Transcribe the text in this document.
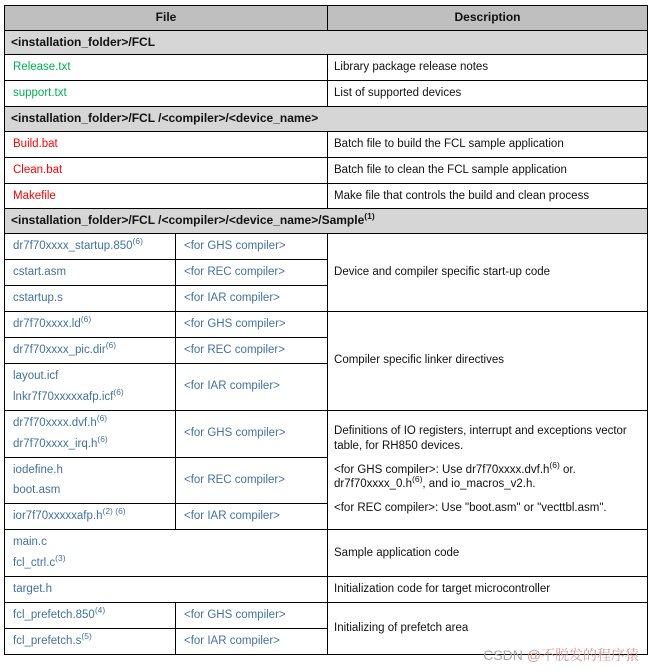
File		Description
<installation_folder>/FCL		

Release.txt		Library package release notes

support.txt		List of supported devices

<installation_folder>/FCL /<compiler>/<device_name>		

Build.bat		Batch file to build the FCL sample application

Clean.bat		Batch file to clean the FCL sample application

Makefile		Make file that controls the build and clean process

<installation_folder>/FCL /<compiler>/<device_name>/Sample$^{(1)}$

$dr7f70xxxx\_startup.850^{(6)}$	<for GHS compiler>	Device and compiler specific start-up code

cstart.asm	<for REC compiler>	

cstartup.s	<for IAR compiler>	

$dr7f70xxxx.ld^{(6)}$	<for GHS compiler>	Compiler specific linker directives

dr7f70xxxx_pic.dir$^{(6)}$	<for REC compiler>	

layout.icf
lnkr7f70xxxxxafp.icf$^{(6)}$	<for IAR compiler>	

$dr7f70xxxx.dvf.h^{(6)}$
$dr7f70xxxx\_irq.h^{(6)}$	<for GHS compiler>	Definitions of IO registers, interrupt and exceptions vector table, for RH850 devices.
<for GHS compiler>: Use $dr7f70xxxx.dvf.h^{(6)}$ or. $dr7f70xxxx\_0.h^{(6)}$, and io_macros_v2.h.
<for REC compiler>: Use "boot.asm" or "vecttbl.asm".

iodefine.h
boot.asm	<for REC compiler>	

$ior7f70xxxxxafp.h^{(2) (6)}$	<for IAR compiler>	

main.c
$fcl\_ctrl.c^{(3)}$		Sample application code

target.h		Initialization code for target microcontroller

$fcl\_prefetch.850^{(4)}$	<for GHS compiler>	Initializing of prefetch area

$fcl\_prefetch.s^{(5)}$	<for IAR compiler>	
CSDN @不脱发的程序猿
